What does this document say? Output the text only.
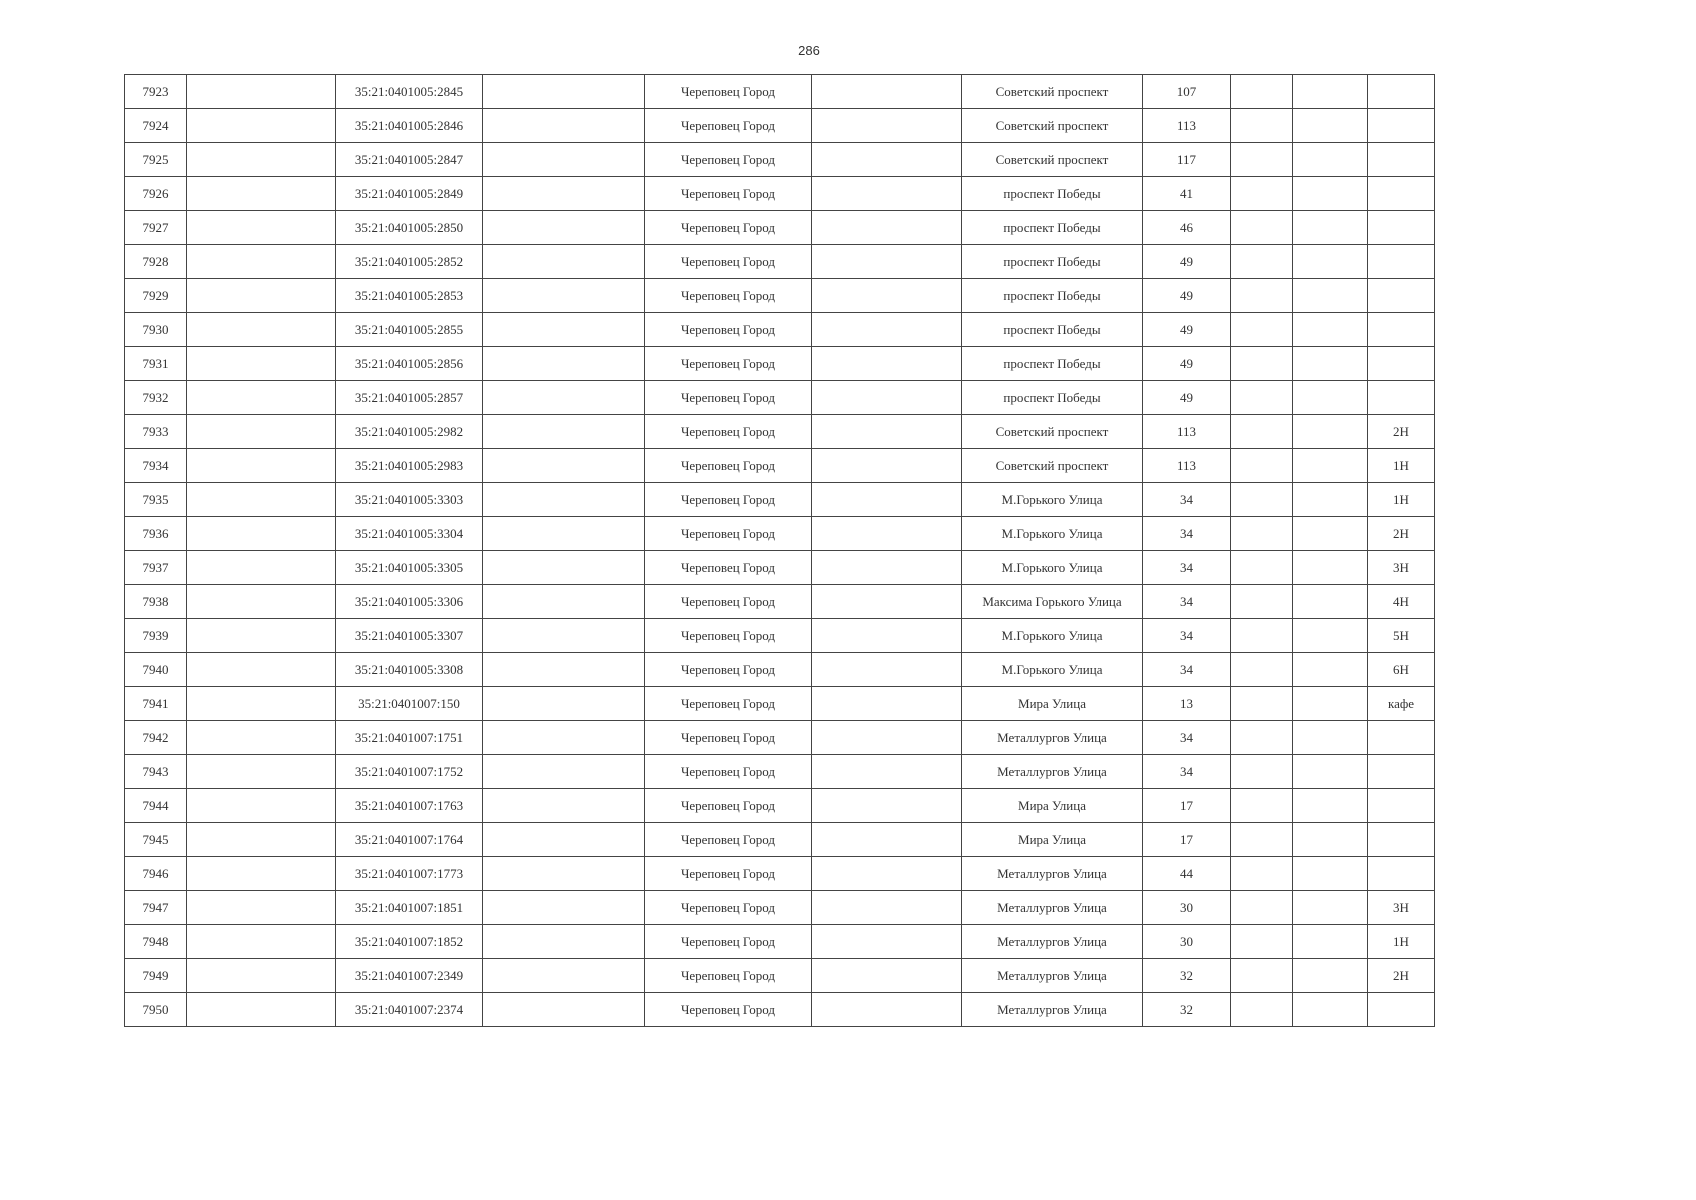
286
7923		35:21:0401005:2845		Череповец Город		Советский проспект	107			
7924		35:21:0401005:2846		Череповец Город		Советский проспект	113			
7925		35:21:0401005:2847		Череповец Город		Советский проспект	117			
7926		35:21:0401005:2849		Череповец Город		проспект Победы	41			
7927		35:21:0401005:2850		Череповец Город		проспект Победы	46			
7928		35:21:0401005:2852		Череповец Город		проспект Победы	49			
7929		35:21:0401005:2853		Череповец Город		проспект Победы	49			
7930		35:21:0401005:2855		Череповец Город		проспект Победы	49			
7931		35:21:0401005:2856		Череповец Город		проспект Победы	49			
7932		35:21:0401005:2857		Череповец Город		проспект Победы	49			
7933		35:21:0401005:2982		Череповец Город		Советский проспект	113			2Н
7934		35:21:0401005:2983		Череповец Город		Советский проспект	113			1Н
7935		35:21:0401005:3303		Череповец Город		М.Горького Улица	34			1Н
7936		35:21:0401005:3304		Череповец Город		М.Горького Улица	34			2Н
7937		35:21:0401005:3305		Череповец Город		М.Горького Улица	34			3Н
7938		35:21:0401005:3306		Череповец Город		Максима Горького Улица	34			4Н
7939		35:21:0401005:3307		Череповец Город		М.Горького Улица	34			5Н
7940		35:21:0401005:3308		Череповец Город		М.Горького Улица	34			6Н
7941		35:21:0401007:150		Череповец Город		Мира Улица	13			кафе
7942		35:21:0401007:1751		Череповец Город		Металлургов Улица	34			
7943		35:21:0401007:1752		Череповец Город		Металлургов Улица	34			
7944		35:21:0401007:1763		Череповец Город		Мира Улица	17			
7945		35:21:0401007:1764		Череповец Город		Мира Улица	17			
7946		35:21:0401007:1773		Череповец Город		Металлургов Улица	44			
7947		35:21:0401007:1851		Череповец Город		Металлургов Улица	30			3Н
7948		35:21:0401007:1852		Череповец Город		Металлургов Улица	30			1Н
7949		35:21:0401007:2349		Череповец Город		Металлургов Улица	32			2Н
7950		35:21:0401007:2374		Череповец Город		Металлургов Улица	32			
